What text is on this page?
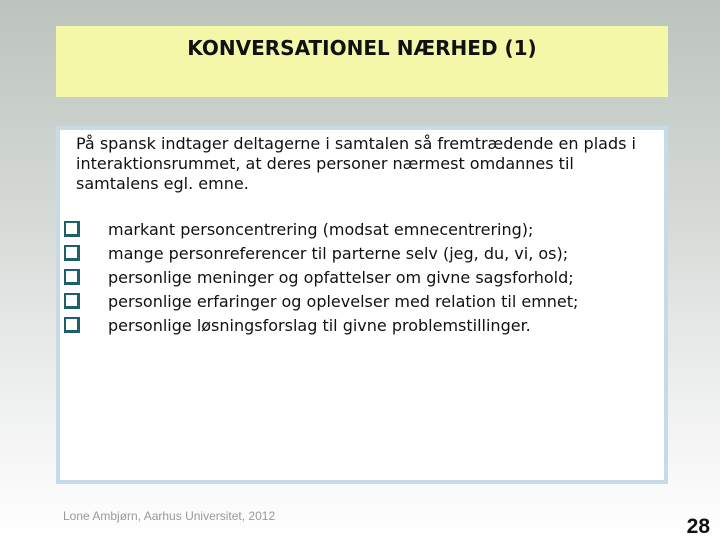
KONVERSATIONEL NÆRHED (1)

På spansk indtager deltagerne i samtalen så fremtrædende en plads i interaktionsrummet, at deres personer nærmest omdannes til samtalens egl. emne.

markant personcentrering (modsat emnecentrering);
mange personreferencer til parterne selv (jeg, du, vi, os);
personlige meninger og opfattelser om givne sagsforhold;
personlige erfaringer og oplevelser med relation til emnet;
personlige løsningsforslag til givne problemstillinger.
Lone Ambjørn, Aarhus Universitet, 2012	28
